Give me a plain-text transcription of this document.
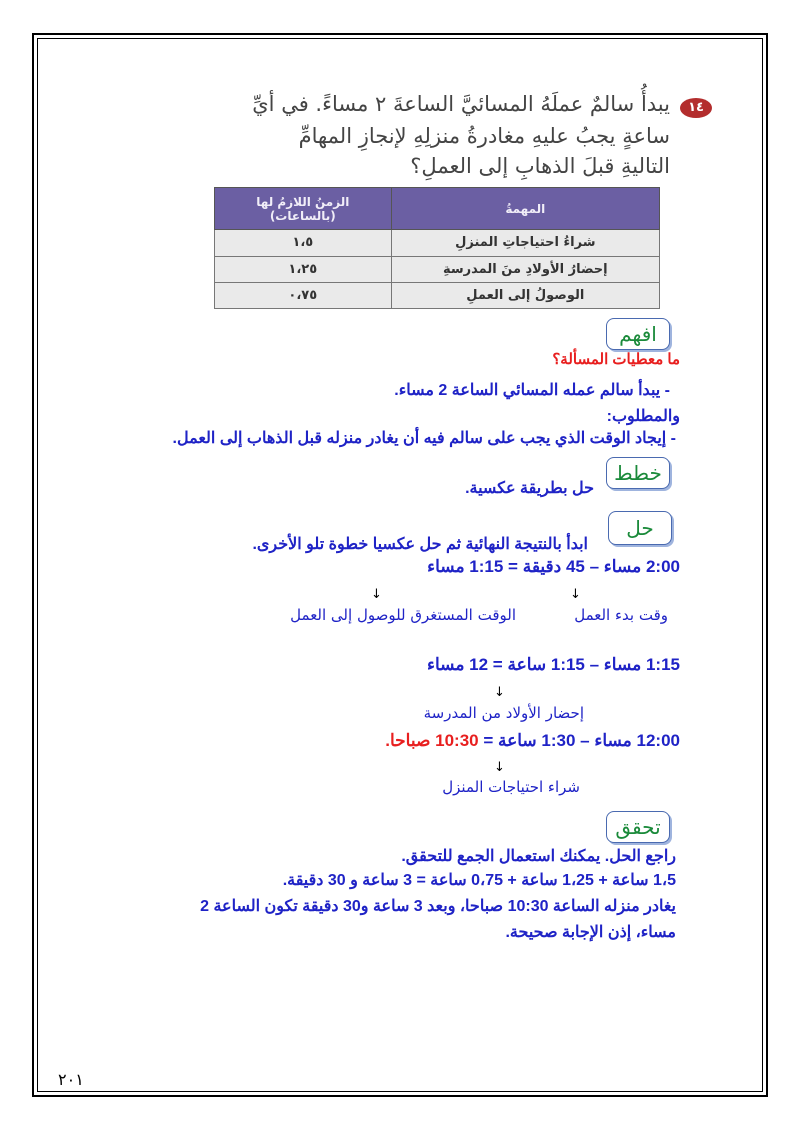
١٤
يبدأُ سالمٌ عملَهُ المسائيَّ الساعةَ ٢ مساءً. في أيِّ
ساعةٍ يجبُ عليهِ مغادرةُ منزلِهِ لإنجازِ المهامِّ
التاليةِ قبلَ الذهابِ إلى العملِ؟
الزمنُ اللازمُ لها
(بالساعات)	المهمةُ
١،٥	شراءُ احتياجاتِ المنزلِ
١،٢٥	إحضارُ الأولادِ منَ المدرسةِ
٠،٧٥	الوصولُ إلى العملِ
افهم
ما معطيات المسألة؟
- يبدأ سالم عمله المسائي الساعة 2 مساء.
والمطلوب:
- إيجاد الوقت الذي يجب على سالم فيه أن يغادر منزله قبل الذهاب إلى العمل.
خطط
حل بطريقة عكسية.
حل
ابدأ بالنتيجة النهائية ثم حل عكسيا خطوة تلو الأخرى.
2:00 مساء – 45 دقيقة = 1:15 مساء
↓
↓
وقت بدء العمل
الوقت المستغرق للوصول إلى العمل
1:15 مساء – 1:15 ساعة = 12 مساء
↓
إحضار الأولاد من المدرسة
12:00 مساء – 1:30 ساعة = 10:30 صباحا.
↓
شراء احتياجات المنزل
تحقق
راجع الحل. يمكنك استعمال الجمع للتحقق.
1،5 ساعة + 1،25 ساعة + 0،75 ساعة = 3 ساعة و 30 دقيقة.
يغادر منزله الساعة 10:30 صباحا، وبعد 3 ساعة و30 دقيقة تكون الساعة 2
مساء، إذن الإجابة صحيحة.
٢٠١
